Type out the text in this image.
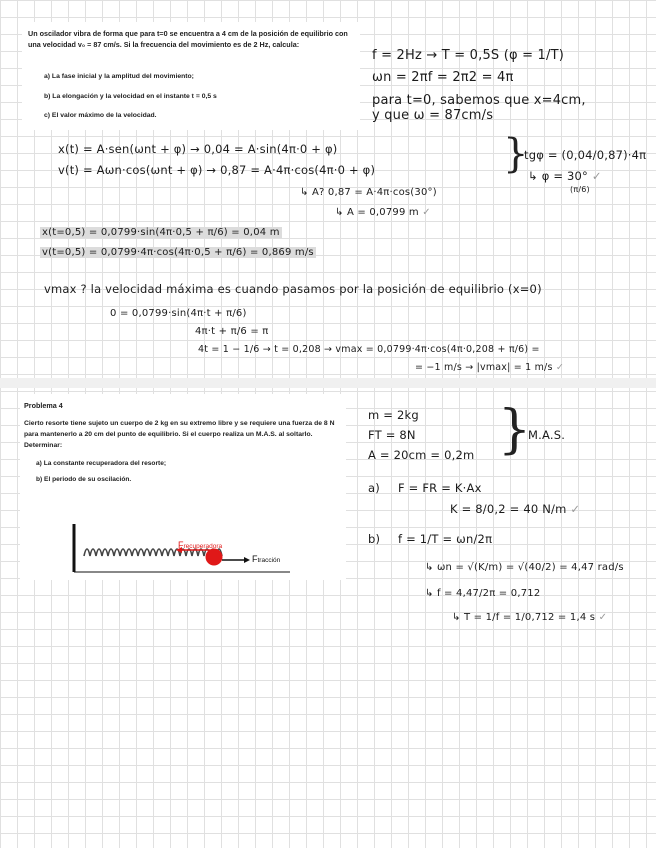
Un oscilador vibra de forma que para t=0 se encuentra a 4 cm de la posición de equilibrio con una velocidad v₀ = 87 cm/s. Si la frecuencia del movimiento es de 2 Hz, calcula:
a) La fase inicial y la amplitud del movimiento;
b) La elongación y la velocidad en el instante t = 0,5 s
c) El valor máximo de la velocidad.
f = 2Hz → T = 0,5S (φ = 1/T)
ωn = 2πf = 2π2 = 4π
para t=0, sabemos que x=4cm,
y que ω = 87cm/s
x(t) = A·sen(ωnt + φ) → 0,04 = A·sin(4π·0 + φ)
v(t) = Aωn·cos(ωnt + φ) → 0,87 = A·4π·cos(4π·0 + φ)	}
tgφ = (0,04/0,87)·4π
↳ φ = 30° ✓
(π/6)
↳ A? 0,87 = A·4π·cos(30°)
↳ A = 0,0799 m ✓
x(t=0,5) = 0,0799·sin(4π·0,5 + π/6) = 0,04 m
v(t=0,5) = 0,0799·4π·cos(4π·0,5 + π/6) = 0,869 m/s
vmax ? la velocidad máxima es cuando pasamos por la posición de equilibrio (x=0)
0 = 0,0799·sin(4π·t + π/6)
4π·t + π/6 = π
4t = 1 − 1/6 → t = 0,208 → vmax = 0,0799·4π·cos(4π·0,208 + π/6) =
= −1 m/s → |vmax| = 1 m/s ✓
Problema 4
Cierto resorte tiene sujeto un cuerpo de 2 kg en su extremo libre y se requiere una fuerza de 8 N para mantenerlo a 20 cm del punto de equilibrio. Si el cuerpo realiza un M.A.S. al soltarlo. Determinar:
a) La constante recuperadora del resorte;
b) El periodo de su oscilación.
Frecuperadora
Ftracción
m = 2kg
FT = 8N
A = 20cm = 0,2m }
M.A.S.
a) F = FR = K·Ax
K = 8/0,2 = 40 N/m ✓
b) f = 1/T = ωn/2π
↳ ωn = √(K/m) = √(40/2) = 4,47 rad/s
↳ f = 4,47/2π = 0,712
↳ T = 1/f = 1/0,712 = 1,4 s ✓
